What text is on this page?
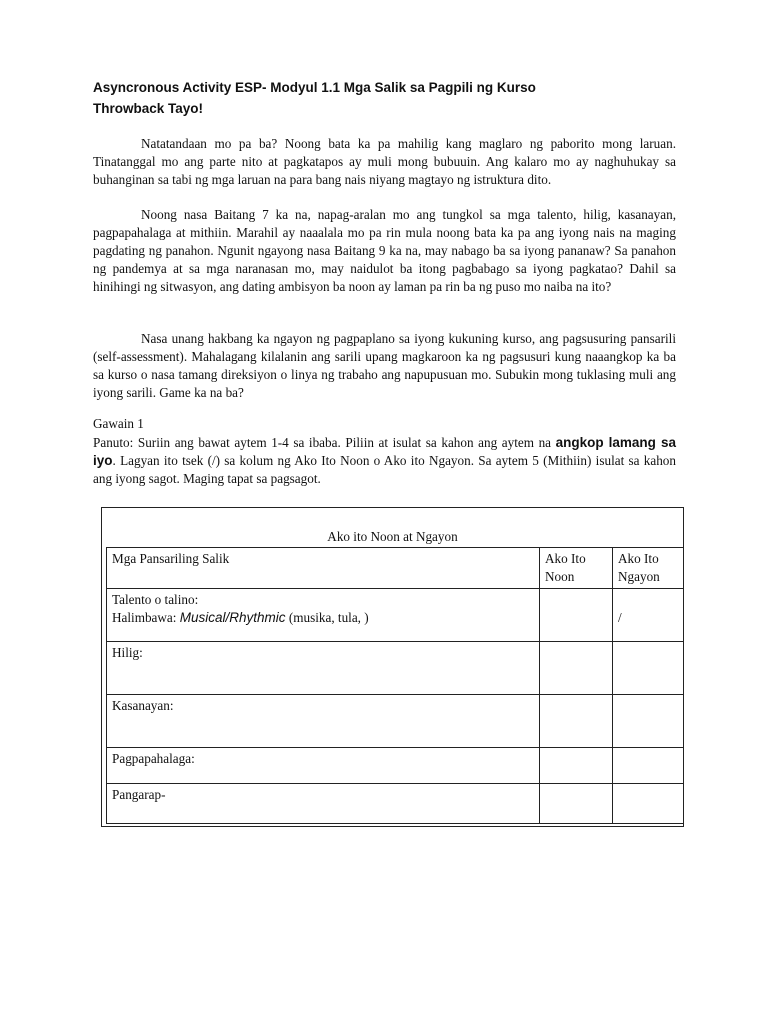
Asyncronous Activity ESP- Modyul 1.1 Mga Salik sa Pagpili ng Kurso
Throwback Tayo!

Natatandaan mo pa ba? Noong bata ka pa mahilig kang maglaro ng paborito mong laruan. Tinatanggal mo ang parte nito at pagkatapos ay muli mong bubuuin. Ang kalaro mo ay naghuhukay sa buhanginan sa tabi ng mga laruan na para bang nais niyang magtayo ng istruktura dito.

Noong nasa Baitang 7 ka na, napag-aralan mo ang tungkol sa mga talento, hilig, kasanayan, pagpapahalaga at mithiin. Marahil ay naaalala mo pa rin mula noong bata ka pa ang iyong nais na maging pagdating ng panahon. Ngunit ngayong nasa Baitang 9 ka na, may nabago ba sa iyong pananaw? Sa panahon ng pandemya at sa mga naranasan mo, may naidulot ba itong pagbabago sa iyong pagkatao? Dahil sa hinihingi ng sitwasyon, ang dating ambisyon ba noon ay laman pa rin ba ng puso mo naiba na ito?

Nasa unang hakbang ka ngayon ng pagpaplano sa iyong kukuning kurso, ang pagsusuring pansarili (self-assessment). Mahalagang kilalanin ang sarili upang magkaroon ka ng pagsusuri kung naaangkop ka ba sa kurso o nasa tamang direksiyon o linya ng trabaho ang napupusuan mo. Subukin mong tuklasing muli ang iyong sarili. Game ka na ba?

Gawain 1

Panuto: Suriin ang bawat aytem 1-4 sa ibaba. Piliin at isulat sa kahon ang aytem na angkop lamang sa iyo. Lagyan ito tsek (/) sa kolum ng Ako Ito Noon o Ako ito Ngayon. Sa aytem 5 (Mithiin) isulat sa kahon ang iyong sagot. Maging tapat sa pagsagot.

Ako ito Noon at Ngayon
Mga Pansariling Salik	Ako Ito Noon	Ako Ito Ngayon

Talento o talino:
Halimbawa: Musical/Rhythmic (musika, tula, )		/

Hilig:		
Kasanayan:		
Pagpapahalaga:		
Pangarap-		
